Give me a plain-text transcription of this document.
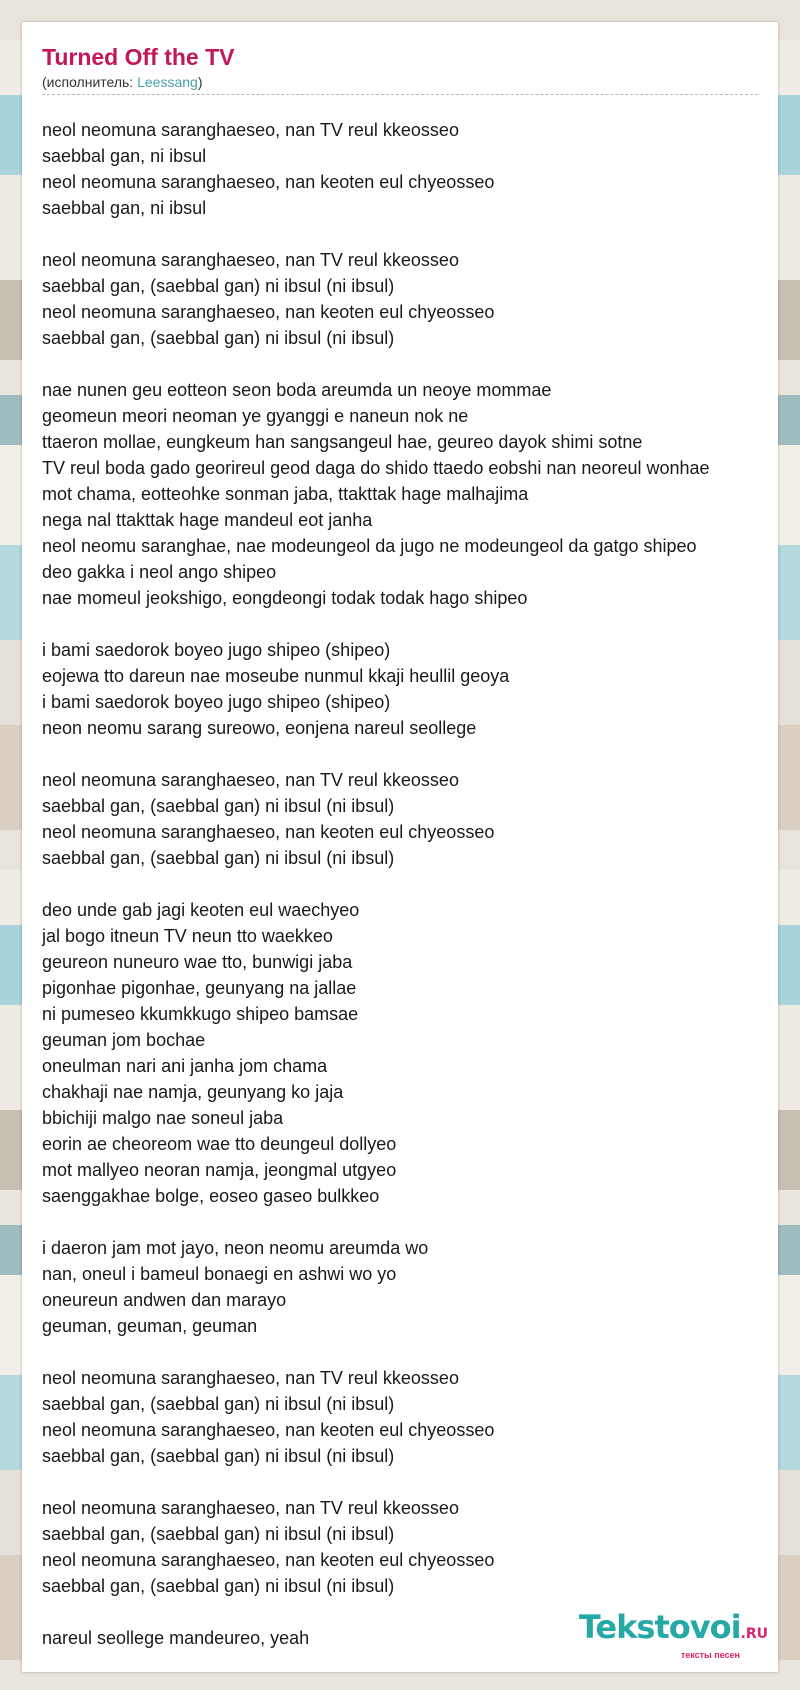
Turned Off the TV
(исполнитель: Leessang)
neol neomuna saranghaeseo, nan TV reul kkeosseo
saebbal gan, ni ibsul
neol neomuna saranghaeseo, nan keoten eul chyeosseo
saebbal gan, ni ibsul
neol neomuna saranghaeseo, nan TV reul kkeosseo
saebbal gan, (saebbal gan) ni ibsul (ni ibsul)
neol neomuna saranghaeseo, nan keoten eul chyeosseo
saebbal gan, (saebbal gan) ni ibsul (ni ibsul)
nae nunen geu eotteon seon boda areumda un neoye mommae
geomeun meori neoman ye gyanggi e naneun nok ne
ttaeron mollae, eungkeum han sangsangeul hae, geureo dayok shimi sotne
TV reul boda gado georireul geod daga do shido ttaedo eobshi nan neoreul wonhae
mot chama, eotteohke sonman jaba, ttakttak hage malhajima
nega nal ttakttak hage mandeul eot janha
neol neomu saranghae, nae modeungeol da jugo ne modeungeol da gatgo shipeo
deo gakka i neol ango shipeo
nae momeul jeokshigo, eongdeongi todak todak hago shipeo
i bami saedorok boyeo jugo shipeo (shipeo)
eojewa tto dareun nae moseube nunmul kkaji heullil geoya
i bami saedorok boyeo jugo shipeo (shipeo)
neon neomu sarang sureowo, eonjena nareul seollege
neol neomuna saranghaeseo, nan TV reul kkeosseo
saebbal gan, (saebbal gan) ni ibsul (ni ibsul)
neol neomuna saranghaeseo, nan keoten eul chyeosseo
saebbal gan, (saebbal gan) ni ibsul (ni ibsul)
deo unde gab jagi keoten eul waechyeo
jal bogo itneun TV neun tto waekkeo
geureon nuneuro wae tto, bunwigi jaba
pigonhae pigonhae, geunyang na jallae
ni pumeseo kkumkkugo shipeo bamsae
geuman jom bochae
oneulman nari ani janha jom chama
chakhaji nae namja, geunyang ko jaja
bbichiji malgo nae soneul jaba
eorin ae cheoreom wae tto deungeul dollyeo
mot mallyeo neoran namja, jeongmal utgyeo
saenggakhae bolge, eoseo gaseo bulkkeo
i daeron jam mot jayo, neon neomu areumda wo
nan, oneul i bameul bonaegi en ashwi wo yo
oneureun andwen dan marayo
geuman, geuman, geuman
neol neomuna saranghaeseo, nan TV reul kkeosseo
saebbal gan, (saebbal gan) ni ibsul (ni ibsul)
neol neomuna saranghaeseo, nan keoten eul chyeosseo
saebbal gan, (saebbal gan) ni ibsul (ni ibsul)
neol neomuna saranghaeseo, nan TV reul kkeosseo
saebbal gan, (saebbal gan) ni ibsul (ni ibsul)
neol neomuna saranghaeseo, nan keoten eul chyeosseo
saebbal gan, (saebbal gan) ni ibsul (ni ibsul)
nareul seollege mandeureo, yeah	Tekstovoi.RU
тексты песен
